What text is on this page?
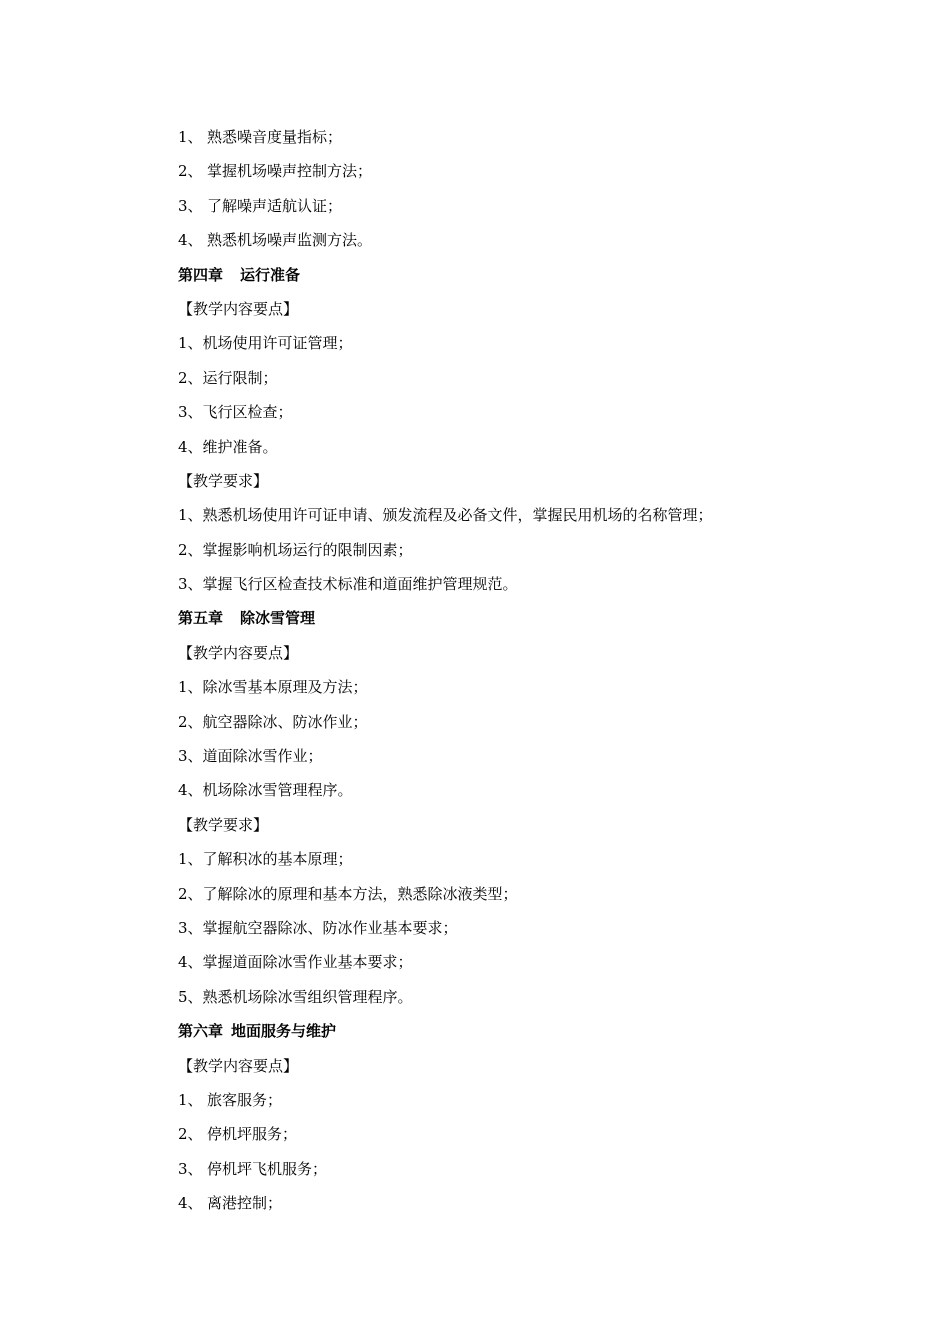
1、 熟悉噪音度量指标；
2、 掌握机场噪声控制方法；
3、 了解噪声适航认证；
4、 熟悉机场噪声监测方法。
第四章 运行准备
【教学内容要点】
1、机场使用许可证管理；
2、运行限制；
3、飞行区检查；
4、维护准备。
【教学要求】
1、熟悉机场使用许可证申请、颁发流程及必备文件，掌握民用机场的名称管理；
2、掌握影响机场运行的限制因素；
3、掌握飞行区检查技术标准和道面维护管理规范。
第五章 除冰雪管理
【教学内容要点】
1、除冰雪基本原理及方法；
2、航空器除冰、防冰作业；
3、道面除冰雪作业；
4、机场除冰雪管理程序。
【教学要求】
1、了解积冰的基本原理；
2、了解除冰的原理和基本方法，熟悉除冰液类型；
3、掌握航空器除冰、防冰作业基本要求；
4、掌握道面除冰雪作业基本要求；
5、熟悉机场除冰雪组织管理程序。
第六章 地面服务与维护
【教学内容要点】
1、 旅客服务；
2、 停机坪服务；
3、 停机坪飞机服务；
4、 离港控制；
